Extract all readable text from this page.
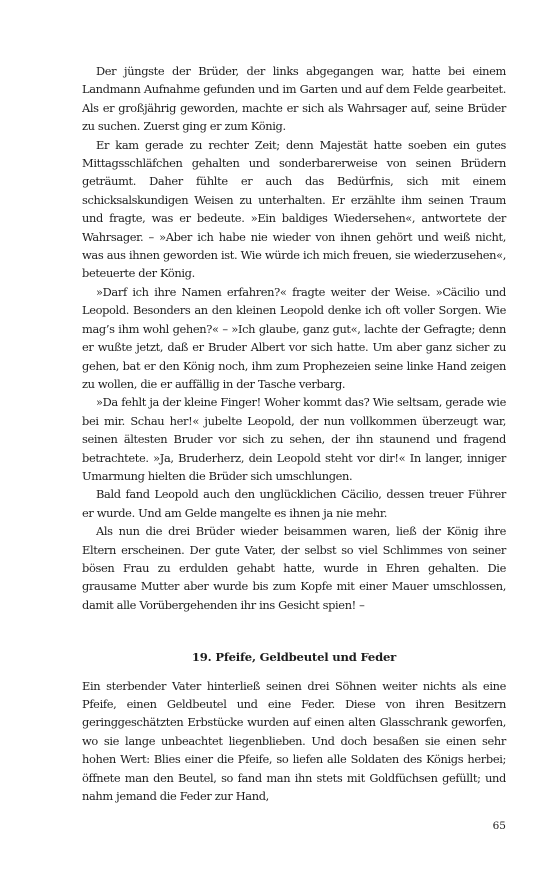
Der jüngste der Brüder, der links abgegangen war, hatte bei einem Landmann Aufnahme gefunden und im Garten und auf dem Felde gearbeitet. Als er großjährig geworden, machte er sich als Wahrsager auf, seine Brüder zu suchen. Zuerst ging er zum König.

Er kam gerade zu rechter Zeit; denn Majestät hatte soeben ein gutes Mittagsschläfchen gehalten und sonderbarerweise von seinen Brüdern geträumt. Daher fühlte er auch das Bedürfnis, sich mit einem schicksalskundigen Weisen zu unterhalten. Er erzählte ihm seinen Traum und fragte, was er bedeute. »Ein baldiges Wiedersehen«, antwortete der Wahrsager. – »Aber ich habe nie wieder von ihnen gehört und weiß nicht, was aus ihnen geworden ist. Wie würde ich mich freuen, sie wiederzusehen«, beteuerte der König.

»Darf ich ihre Namen erfahren?« fragte weiter der Weise. »Cäcilio und Leopold. Besonders an den kleinen Leopold denke ich oft voller Sorgen. Wie mag’s ihm wohl gehen?« – »Ich glaube, ganz gut«, lachte der Gefragte; denn er wußte jetzt, daß er Bruder Albert vor sich hatte. Um aber ganz sicher zu gehen, bat er den König noch, ihm zum Prophezeien seine linke Hand zeigen zu wollen, die er auffällig in der Tasche verbarg.

»Da fehlt ja der kleine Finger! Woher kommt das? Wie seltsam, gerade wie bei mir. Schau her!« jubelte Leopold, der nun vollkommen überzeugt war, seinen ältesten Bruder vor sich zu sehen, der ihn staunend und fragend betrachtete. »Ja, Bruderherz, dein Leopold steht vor dir!« In langer, inniger Umarmung hielten die Brüder sich umschlungen.

Bald fand Leopold auch den unglücklichen Cäcilio, dessen treuer Führer er wurde. Und am Gelde mangelte es ihnen ja nie mehr.

Als nun die drei Brüder wieder beisammen waren, ließ der König ihre Eltern erscheinen. Der gute Vater, der selbst so viel Schlimmes von seiner bösen Frau zu erdulden gehabt hatte, wurde in Ehren gehalten. Die grausame Mutter aber wurde bis zum Kopfe mit einer Mauer umschlossen, damit alle Vorübergehenden ihr ins Gesicht spien! –

19. Pfeife, Geldbeutel und Feder

Ein sterbender Vater hinterließ seinen drei Söhnen weiter nichts als eine Pfeife, einen Geldbeutel und eine Feder. Diese von ihren Besitzern geringgeschätzten Erbstücke wurden auf einen alten Glasschrank geworfen, wo sie lange unbeachtet liegenblieben. Und doch besaßen sie einen sehr hohen Wert: Blies einer die Pfeife, so liefen alle Soldaten des Königs herbei; öffnete man den Beutel, so fand man ihn stets mit Goldfüchsen gefüllt; und nahm jemand die Feder zur Hand,

65
